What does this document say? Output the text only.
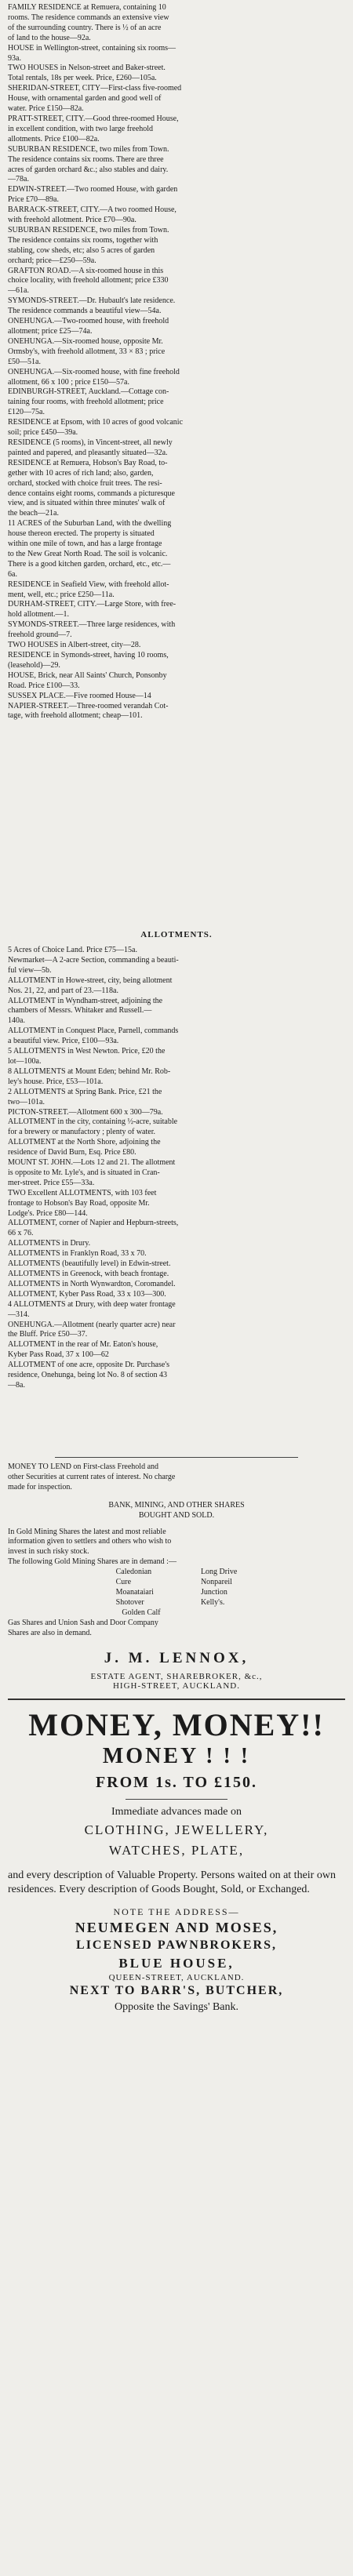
FAMILY RESIDENCE at Remuera, containing 10

rooms. The residence commands an extensive view

of the surrounding country. There is ½ of an acre

of land to the house—92a.

HOUSE in Wellington-street, containing six rooms—

93a.

TWO HOUSES in Nelson-street and Baker-street.

Total rentals, 18s per week. Price, £260—105a.

SHERIDAN-STREET, CITY—First-class five-roomed

House, with ornamental garden and good well of

water. Price £150—82a.

PRATT-STREET, CITY.—Good three-roomed House,

in excellent condition, with two large freehold

allotments. Price £100—82a.

SUBURBAN RESIDENCE, two miles from Town.

The residence contains six rooms. There are three

acres of garden orchard &c.; also stables and dairy.

—78a.

EDWIN-STREET.—Two roomed House, with garden

Price £70—89a.

BARRACK-STREET, CITY.—A two roomed House,

with freehold allotment. Price £70—90a.

SUBURBAN RESIDENCE, two miles from Town.

The residence contains six rooms, together with

stabling, cow sheds, etc; also 5 acres of garden

orchard; price—£250—59a.

GRAFTON ROAD.—A six-roomed house in this

choice locality, with freehold allotment; price £330

—61a.

SYMONDS-STREET.—Dr. Hubault's late residence.

The residence commands a beautiful view—54a.

ONEHUNGA.—Two-roomed house, with freehold

allotment; price £25—74a.

ONEHUNGA.—Six-roomed house, opposite Mr.

Ormsby's, with freehold allotment, 33 × 83 ; price

£50—51a.

ONEHUNGA.—Six-roomed house, with fine freehold

allotment, 66 x 100 ; price £150—57a.

EDINBURGH-STREET, Auckland.—Cottage con-

taining four rooms, with freehold allotment; price

£120—75a.

RESIDENCE at Epsom, with 10 acres of good volcanic

soil; price £450—39a.

RESIDENCE (5 rooms), in Vincent-street, all newly

painted and papered, and pleasantly situated—32a.

RESIDENCE at Remuera, Hobson's Bay Road, to-

gether with 10 acres of rich land; also, garden,

orchard, stocked with choice fruit trees. The resi-

dence contains eight rooms, commands a picturesque

view, and is situated within three minutes' walk of

the beach—21a.

11 ACRES of the Suburban Land, with the dwelling

house thereon erected. The property is situated

within one mile of town, and has a large frontage

to the New Great North Road. The soil is volcanic.

There is a good kitchen garden, orchard, etc., etc.—

6a.

RESIDENCE in Seafield View, with freehold allot-

ment, well, etc.; price £250—11a.

DURHAM-STREET, CITY.—Large Store, with free-

hold allotment.—1.

SYMONDS-STREET.—Three large residences, with

freehold ground—7.

TWO HOUSES in Albert-street, city—28.

RESIDENCE in Symonds-street, having 10 rooms,

(leasehold)—29.

HOUSE, Brick, near All Saints' Church, Ponsonby

Road. Price £100—33.

SUSSEX PLACE.—Five roomed House—14

NAPIER-STREET.—Three-roomed verandah Cot-

tage, with freehold allotment; cheap—101.

ALLOTMENTS.

5 Acres of Choice Land. Price £75—15a.

Newmarket—A 2-acre Section, commanding a beauti-

ful view—5b.

ALLOTMENT in Howe-street, city, being allotment

Nos. 21, 22, and part of 23.—118a.

ALLOTMENT in Wyndham-street, adjoining the

chambers of Messrs. Whitaker and Russell.—

140a.

ALLOTMENT in Conquest Place, Parnell, commands

a beautiful view. Price, £100—93a.

5 ALLOTMENTS in West Newton. Price, £20 the

lot—100a.

8 ALLOTMENTS at Mount Eden; behind Mr. Rob-

ley's house. Price, £53—101a.

2 ALLOTMENTS at Spring Bank. Price, £21 the

two—101a.

PICTON-STREET.—Allotment 600 x 300—79a.

ALLOTMENT in the city, containing ½-acre, suitable

for a brewery or manufactory ; plenty of water.

ALLOTMENT at the North Shore, adjoining the

residence of David Burn, Esq. Price £80.

MOUNT ST. JOHN.—Lots 12 and 21. The allotment

is opposite to Mr. Lyle's, and is situated in Cran-

mer-street. Price £55—33a.

TWO Excellent ALLOTMENTS, with 103 feet

frontage to Hobson's Bay Road, opposite Mr.

Lodge's. Price £80—144.

ALLOTMENT, corner of Napier and Hepburn-streets,

66 x 76.

ALLOTMENTS in Drury.

ALLOTMENTS in Franklyn Road, 33 x 70.

ALLOTMENTS (beautifully level) in Edwin-street.

ALLOTMENTS in Greenock, with beach frontage.

ALLOTMENTS in North Wynwardton, Coromandel.

ALLOTMENT, Kyber Pass Road, 33 x 103—300.

4 ALLOTMENTS at Drury, with deep water frontage

—314.

ONEHUNGA.—Allotment (nearly quarter acre) near

the Bluff. Price £50—37.

ALLOTMENT in the rear of Mr. Eaton's house,

Kyber Pass Road, 37 x 100—62

ALLOTMENT of one acre, opposite Dr. Purchase's

residence, Onehunga, being lot No. 8 of section 43

—8a.

MONEY TO LEND on First-class Freehold and

other Securities at current rates of interest. No charge

made for inspection.

BANK, MINING, AND OTHER SHARES

BOUGHT AND SOLD.

In Gold Mining Shares the latest and most reliable

information given to settlers and others who wish to

invest in such risky stock.

The following Gold Mining Shares are in demand :—

Caledonian
Cure
Moanataiari
Shotover
Long Drive
Nonpareil
Junction
Kelly's.

Golden Calf

Gas Shares and Union Sash and Door Company

Shares are also in demand.

J. M. LENNOX,
ESTATE AGENT, SHAREBROKER, &c.,
HIGH-STREET, AUCKLAND.
MONEY, MONEY!!
MONEY ! ! !
FROM 1s. TO £150.
Immediate advances made on
CLOTHING, JEWELLERY,
WATCHES, PLATE,
and every description of Valuable Property. Persons waited on at their own residences. Every description of Goods Bought, Sold, or Exchanged.
NOTE THE ADDRESS—
NEUMEGEN AND MOSES,
LICENSED PAWNBROKERS,
BLUE HOUSE,
QUEEN-STREET, AUCKLAND.
NEXT TO BARR'S, BUTCHER,
Opposite the Savings' Bank.
